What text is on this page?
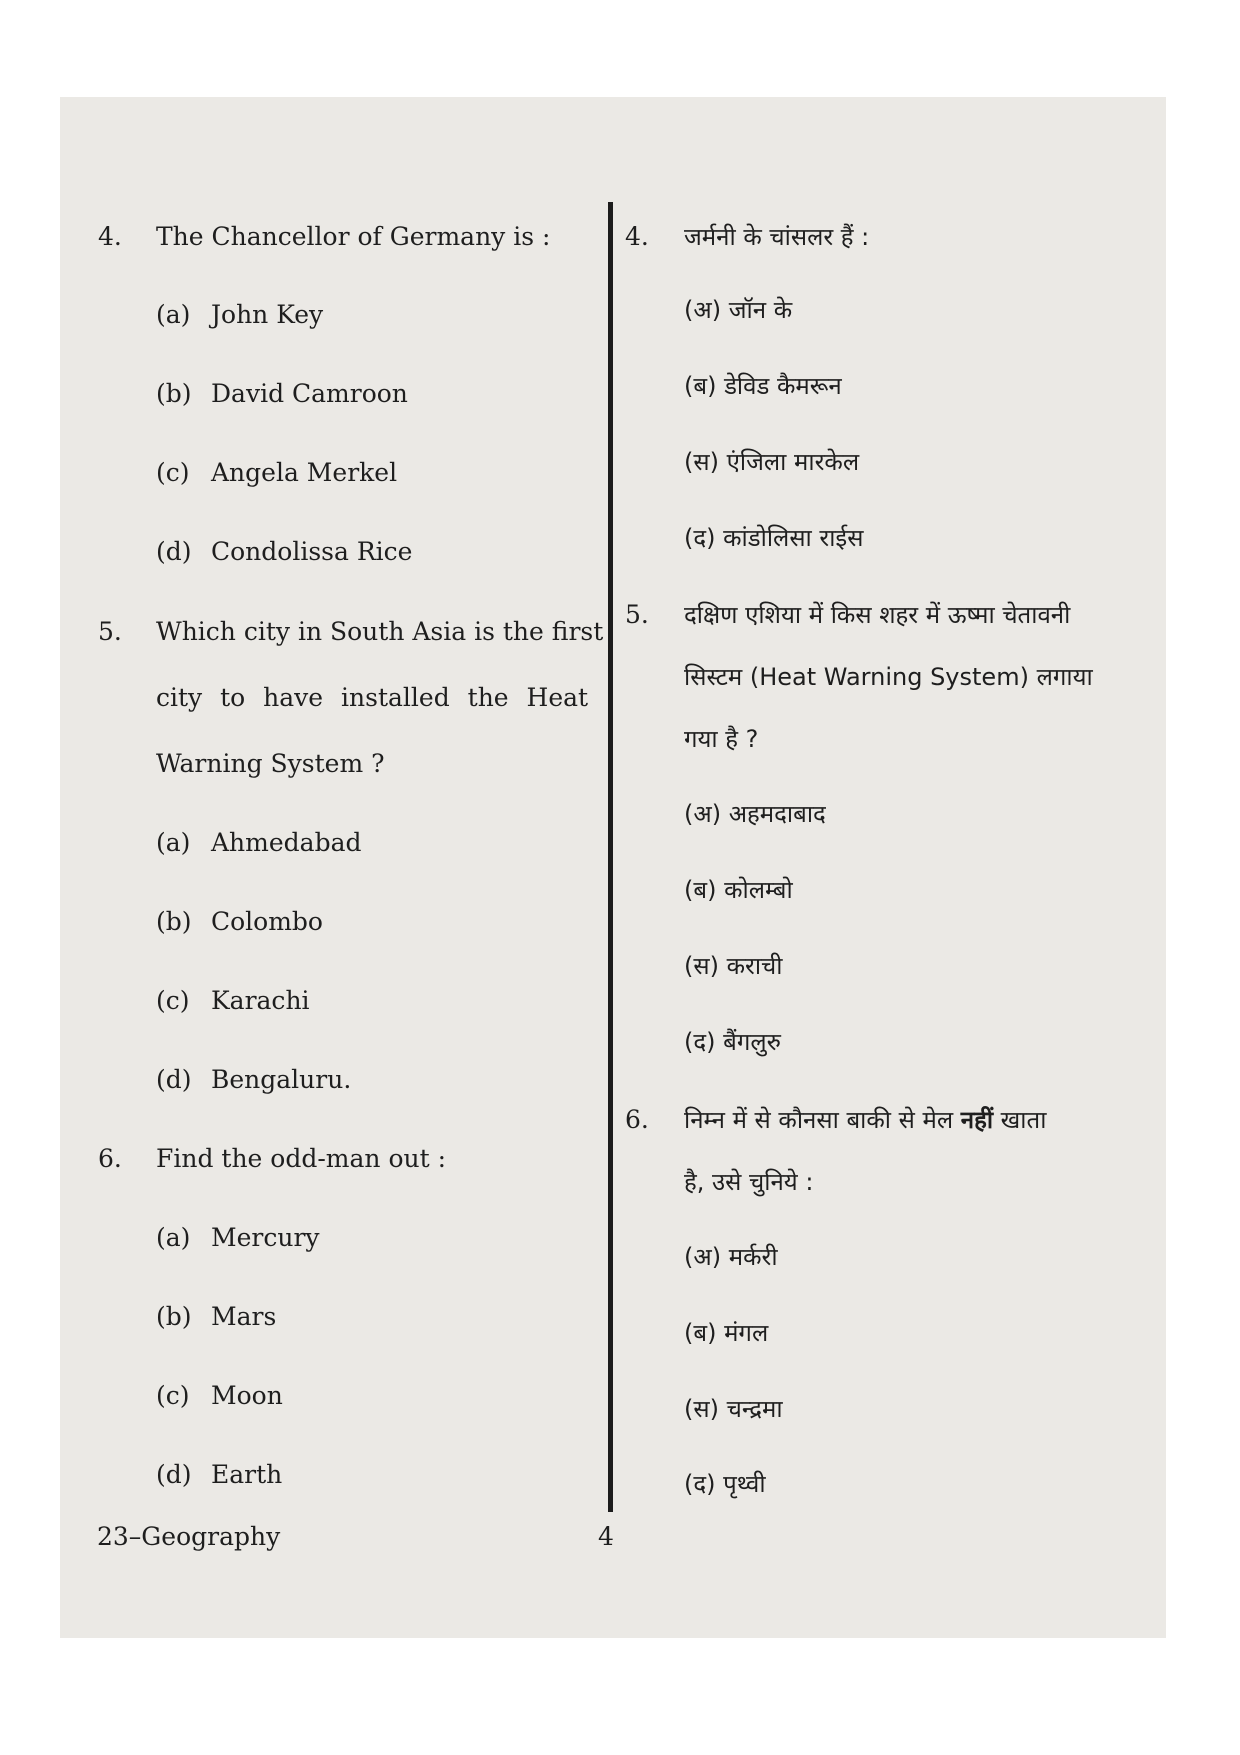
4. The Chancellor of Germany is :
(a) John Key
(b) David Camroon
(c) Angela Merkel
(d) Condolissa Rice
5. Which city in South Asia is the first
city to have installed the Heat
Warning System ?
(a) Ahmedabad
(b) Colombo
(c) Karachi
(d) Bengaluru.
6. Find the odd-man out :
(a) Mercury
(b) Mars
(c) Moon
(d) Earth
4. जर्मनी के चांसलर हैं :
(अ) जॉन के
(ब) डेविड कैमरून
(स) एंजिला मारकेल
(द) कांडोलिसा राईस
5. दक्षिण एशिया में किस शहर में ऊष्मा चेतावनी
सिस्टम (Heat Warning System) लगाया
गया है ?
(अ) अहमदाबाद
(ब) कोलम्बो
(स) कराची
(द) बैंगलुरु
6. निम्न में से कौनसा बाकी से मेल नहीं खाता
है, उसे चुनिये :
(अ) मर्करी
(ब) मंगल
(स) चन्द्रमा
(द) पृथ्वी
23–Geography	4
